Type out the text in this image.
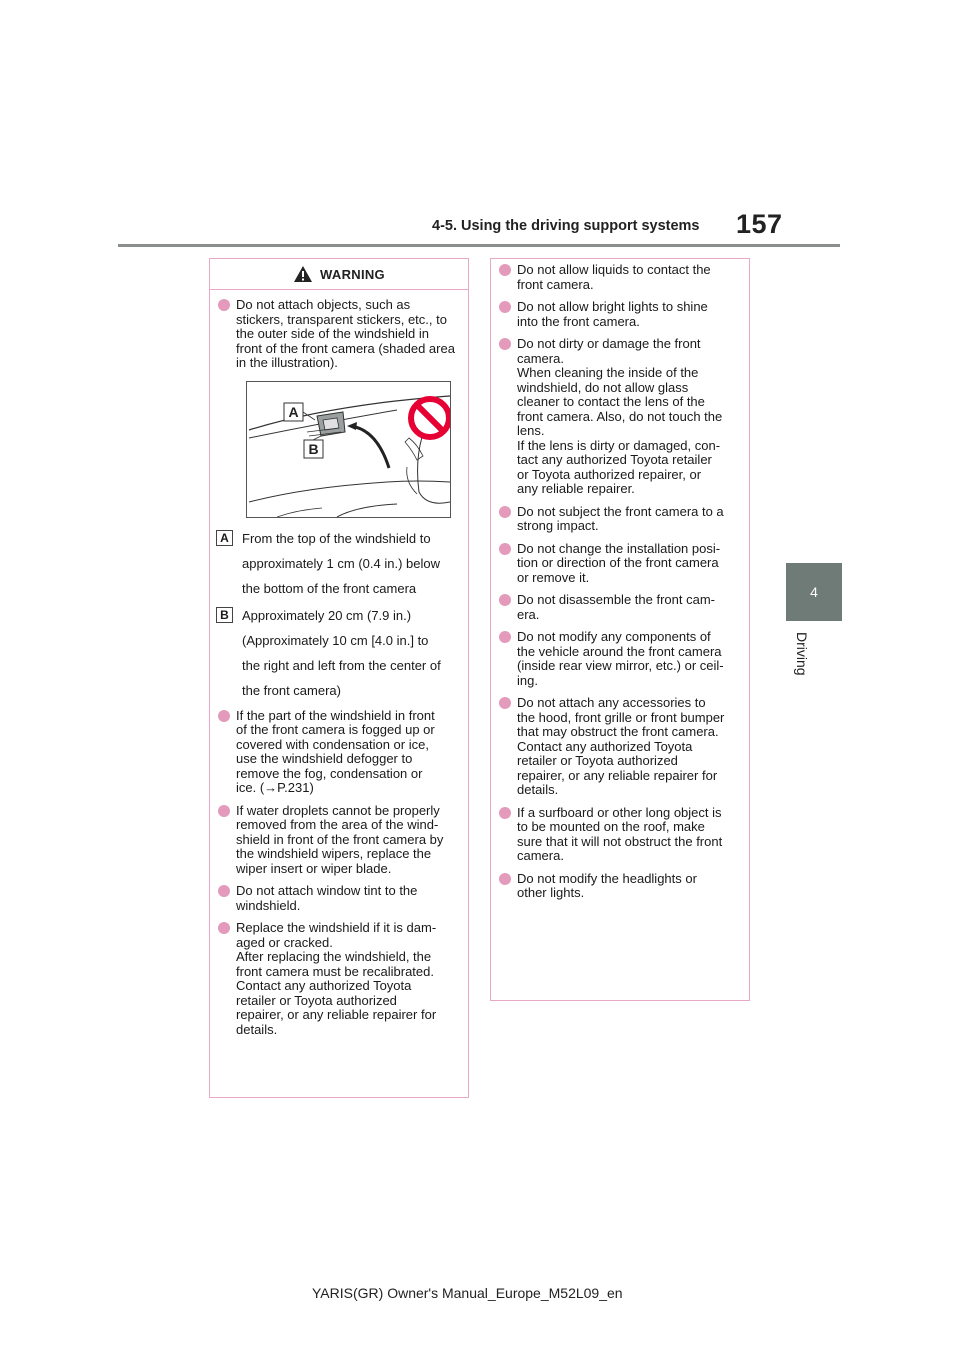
4-5. Using the driving support systems 157
4
Driving
WARNING
Do not attach objects, such as stickers, transparent stickers, etc., to the outer side of the windshield in front of the front camera (shaded area in the illustration).
A
B
A	From the top of the windshield to
approximately 1 cm (0.4 in.) below
the bottom of the front camera
B	Approximately 20 cm (7.9 in.)
(Approximately 10 cm [4.0 in.] to
the right and left from the center of
the front camera)
If the part of the windshield in front
of the front camera is fogged up or
covered with condensation or ice,
use the windshield defogger to
remove the fog, condensation or
ice. (→P.231)
If water droplets cannot be properly
removed from the area of the wind-
shield in front of the front camera by
the windshield wipers, replace the
wiper insert or wiper blade.
Do not attach window tint to the
windshield.
Replace the windshield if it is dam-
aged or cracked.
After replacing the windshield, the
front camera must be recalibrated.
Contact any authorized Toyota
retailer or Toyota authorized
repairer, or any reliable repairer for
details.
Do not allow liquids to contact the
front camera.
Do not allow bright lights to shine
into the front camera.
Do not dirty or damage the front
camera.
When cleaning the inside of the
windshield, do not allow glass
cleaner to contact the lens of the
front camera. Also, do not touch the
lens.
If the lens is dirty or damaged, con-
tact any authorized Toyota retailer
or Toyota authorized repairer, or
any reliable repairer.
Do not subject the front camera to a
strong impact.
Do not change the installation posi-
tion or direction of the front camera
or remove it.
Do not disassemble the front cam-
era.
Do not modify any components of
the vehicle around the front camera
(inside rear view mirror, etc.) or ceil-
ing.
Do not attach any accessories to
the hood, front grille or front bumper
that may obstruct the front camera.
Contact any authorized Toyota
retailer or Toyota authorized
repairer, or any reliable repairer for
details.
If a surfboard or other long object is
to be mounted on the roof, make
sure that it will not obstruct the front
camera.
Do not modify the headlights or
other lights.
YARIS(GR) Owner's Manual_Europe_M52L09_en
